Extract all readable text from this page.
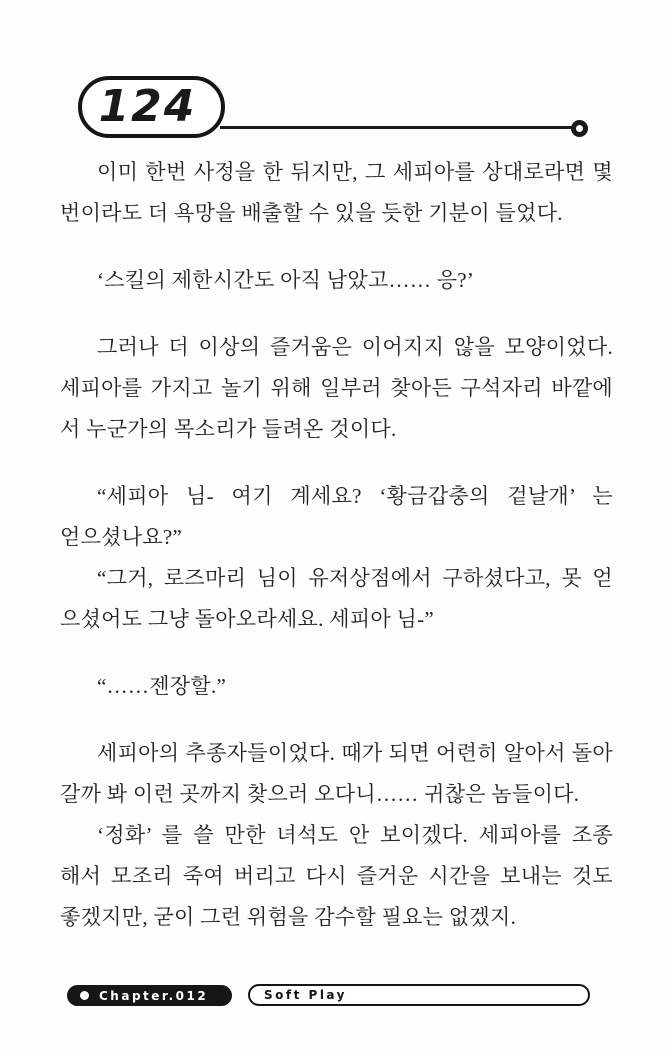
124
이미 한번 사정을 한 뒤지만, 그 세피아를 상대로라면 몇
번이라도 더 욕망을 배출할 수 있을 듯한 기분이 들었다.
‘스킬의 제한시간도 아직 남았고…… 응?’
그러나 더 이상의 즐거움은 이어지지 않을 모양이었다.
세피아를 가지고 놀기 위해 일부러 찾아든 구석자리 바깥에
서 누군가의 목소리가 들려온 것이다.
“세피아 님- 여기 계세요? ‘황금갑충의 겉날개’ 는
얻으셨나요?”
“그거, 로즈마리 님이 유저상점에서 구하셨다고, 못 얻
으셨어도 그냥 돌아오라세요. 세피아 님-”
“……젠장할.”
세피아의 추종자들이었다. 때가 되면 어련히 알아서 돌아
갈까 봐 이런 곳까지 찾으러 오다니…… 귀찮은 놈들이다.
‘정화’ 를 쓸 만한 녀석도 안 보이겠다. 세피아를 조종
해서 모조리 죽여 버리고 다시 즐거운 시간을 보내는 것도
좋겠지만, 굳이 그런 위험을 감수할 필요는 없겠지.
Chapter.012	Soft Play
